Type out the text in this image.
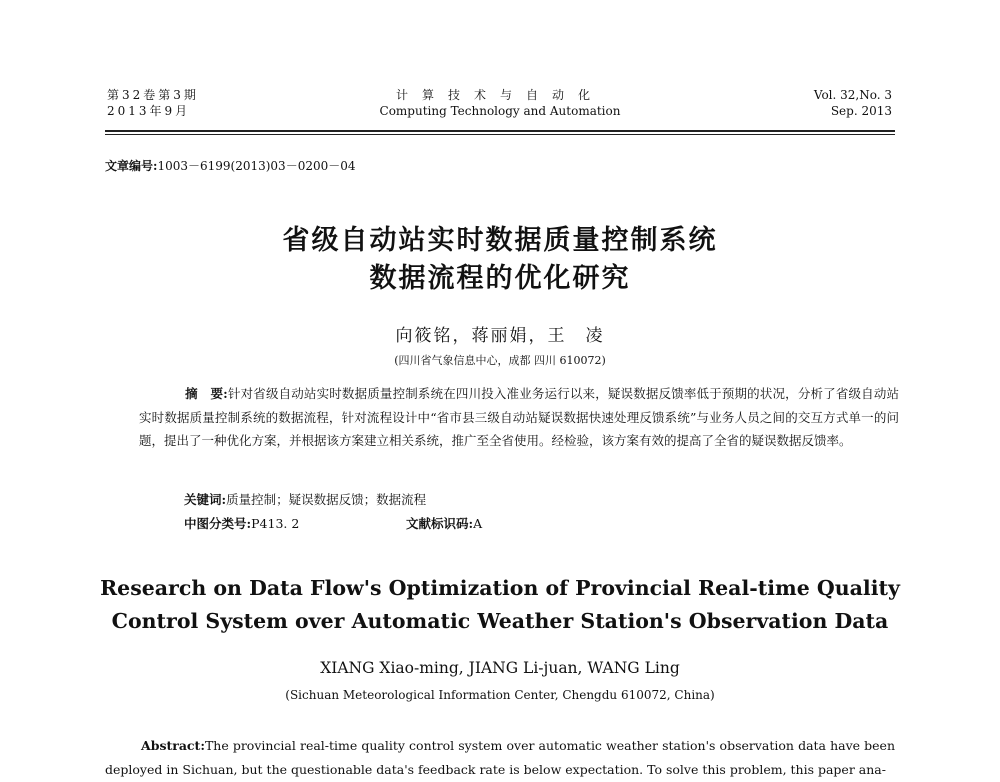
第32卷第3期
2013年9月
计算技术与自动化
Computing Technology and Automation
Vol. 32,No. 3
Sep. 2013
文章编号:1003－6199(2013)03－0200－04
省级自动站实时数据质量控制系统
数据流程的优化研究
向筱铭，蒋丽娟，王　凌
(四川省气象信息中心，成都 四川 610072)
摘　要:针对省级自动站实时数据质量控制系统在四川投入准业务运行以来，疑误数据反馈率低于预期的状况，分析了省级自动站实时数据质量控制系统的数据流程，针对流程设计中“省市县三级自动站疑误数据快速处理反馈系统”与业务人员之间的交互方式单一的问题，提出了一种优化方案，并根据该方案建立相关系统，推广至全省使用。经检验，该方案有效的提高了全省的疑误数据反馈率。
关键词:质量控制；疑误数据反馈；数据流程
中图分类号:P413. 2	文献标识码:A
Research on Data Flow's Optimization of Provincial Real-time Quality
Control System over Automatic Weather Station's Observation Data
XIANG Xiao-ming, JIANG Li-juan, WANG Ling
(Sichuan Meteorological Information Center, Chengdu 610072, China)
Abstract:The provincial real-time quality control system over automatic weather station's observation data have been deployed in Sichuan, but the questionable data's feedback rate is below expectation. To solve this problem, this paper ana-
